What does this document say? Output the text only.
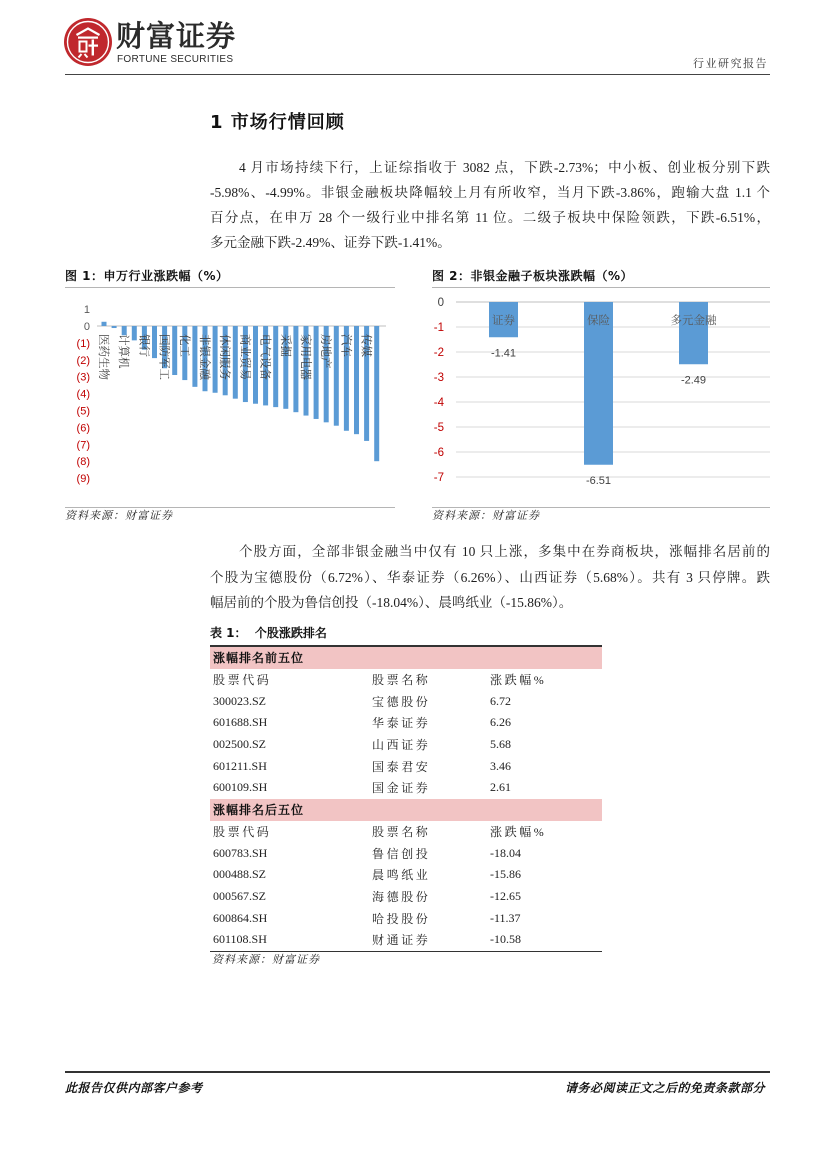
财富证券
FORTUNE SECURITIES	行业研究报告
1 市场行情回顾
4 月市场持续下行，上证综指收于 3082 点，下跌-2.73%；中小板、创业板分别下跌
-5.98%、-4.99%。非银金融板块降幅较上月有所收窄，当月下跌-3.86%，跑输大盘 1.1 个
百分点，在申万 28 个一级行业中排名第 11 位。二级子板块中保险领跌，下跌-6.51%，
多元金融下跌-2.49%、证券下跌-1.41%。
图 1：申万行业涨跌幅（%）
1
0
(1)
(2)
(3)
(4)
(5)
(6)
(7)
(8)
(9)
医药生物 计算机 银行 国防军工 化工 非银金融 休闲服务 商业贸易 电气设备 采掘 家用电器 房地产 汽车 传媒
资料来源：财富证券
图 2：非银金融子板块涨跌幅（%）
0
-1
-2
-3
-4
-5
-6
-7
证券
-1.41
保险
-6.51
多元金融
-2.49
资料来源：财富证券
个股方面，全部非银金融当中仅有 10 只上涨，多集中在券商板块，涨幅排名居前的
个股为宝德股份（6.72%）、华泰证券（6.26%）、山西证券（5.68%）。共有 3 只停牌。跌
幅居前的个股为鲁信创投（-18.04%）、晨鸣纸业（-15.86%）。
表 1：  个股涨跌排名
涨幅排名前五位
股票代码	股票名称	涨跌幅%
300023.SZ	宝德股份	6.72
601688.SH	华泰证券	6.26
002500.SZ	山西证券	5.68
601211.SH	国泰君安	3.46
600109.SH	国金证券	2.61
涨幅排名后五位
股票代码	股票名称	涨跌幅%
600783.SH	鲁信创投	-18.04
000488.SZ	晨鸣纸业	-15.86
000567.SZ	海德股份	-12.65
600864.SH	哈投股份	-11.37
601108.SH	财通证券	-10.58
资料来源：财富证券
此报告仅供内部客户参考	请务必阅读正文之后的免责条款部分
